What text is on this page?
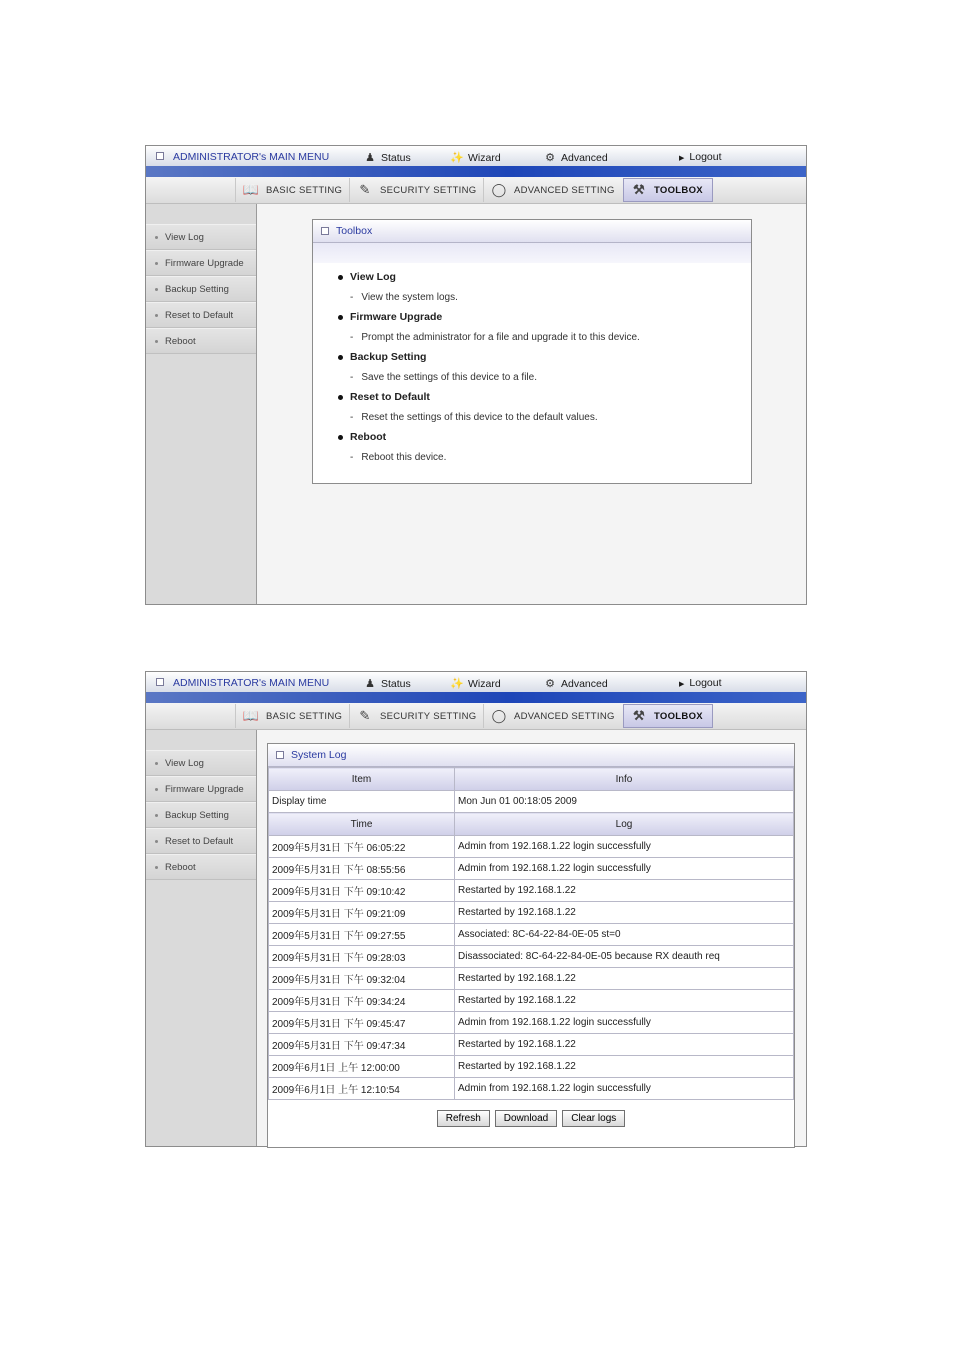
ADMINISTRATOR's MAIN MENU	♟ Status	✨ Wizard	⚙ Advanced	▶ Logout
📖 BASIC SETTING ✎ SECURITY SETTING ◯ ADVANCED SETTING ⚒ TOOLBOX
View Log
Firmware Upgrade
Backup Setting
Reset to Default
Reboot
Toolbox
View Log
- View the system logs.
Firmware Upgrade
- Prompt the administrator for a file and upgrade it to this device.
Backup Setting
- Save the settings of this device to a file.
Reset to Default
- Reset the settings of this device to the default values.
Reboot
- Reboot this device.
ADMINISTRATOR's MAIN MENU	♟ Status	✨ Wizard	⚙ Advanced	▶ Logout
📖 BASIC SETTING ✎ SECURITY SETTING ◯ ADVANCED SETTING ⚒ TOOLBOX
View Log
Firmware Upgrade
Backup Setting
Reset to Default
Reboot
System Log
Item	Info
Display time	Mon Jun 01 00:18:05 2009
Time	Log
2009年5月31日 下午 06:05:22	Admin from 192.168.1.22 login successfully
2009年5月31日 下午 08:55:56	Admin from 192.168.1.22 login successfully
2009年5月31日 下午 09:10:42	Restarted by 192.168.1.22
2009年5月31日 下午 09:21:09	Restarted by 192.168.1.22
2009年5月31日 下午 09:27:55	Associated: 8C-64-22-84-0E-05 st=0
2009年5月31日 下午 09:28:03	Disassociated: 8C-64-22-84-0E-05 because RX deauth req
2009年5月31日 下午 09:32:04	Restarted by 192.168.1.22
2009年5月31日 下午 09:34:24	Restarted by 192.168.1.22
2009年5月31日 下午 09:45:47	Admin from 192.168.1.22 login successfully
2009年5月31日 下午 09:47:34	Restarted by 192.168.1.22
2009年6月1日 上午 12:00:00	Restarted by 192.168.1.22
2009年6月1日 上午 12:10:54	Admin from 192.168.1.22 login successfully
Refresh	Download	Clear logs
